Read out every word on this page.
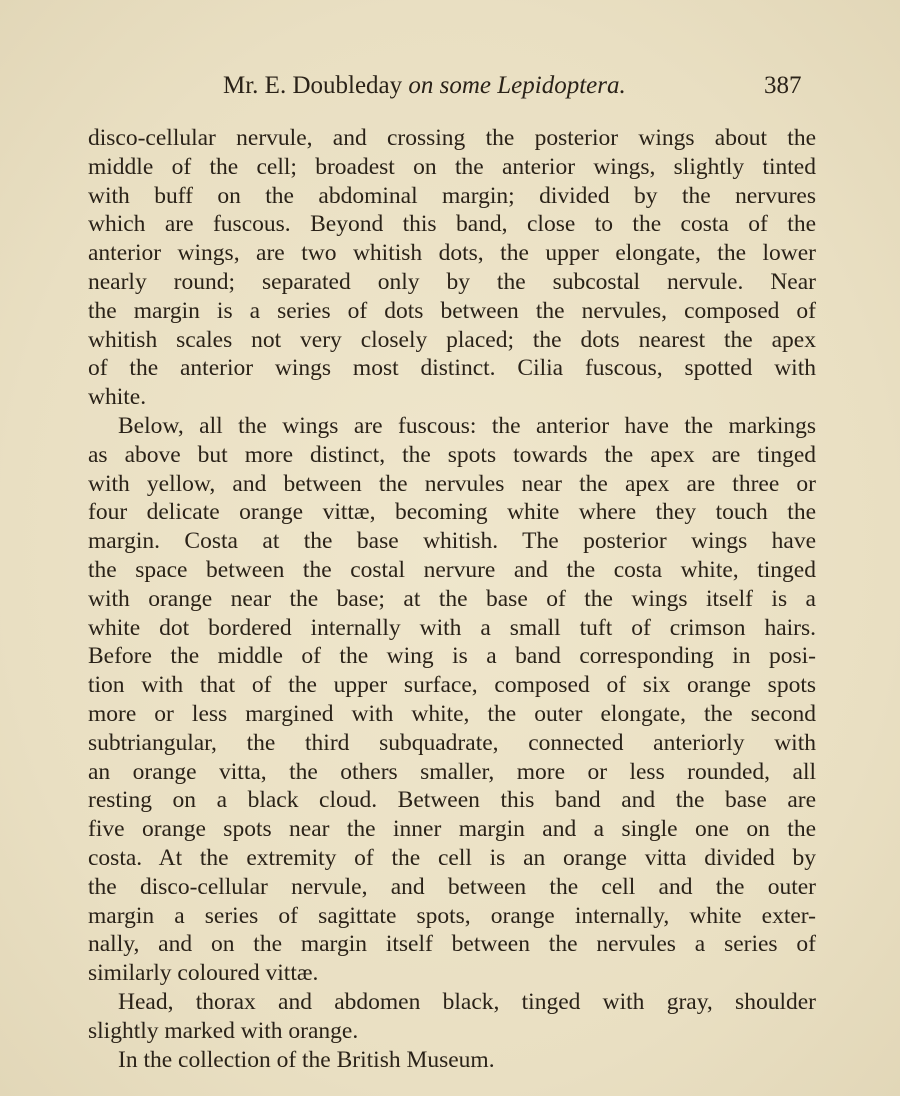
Mr. E. Doubleday on some Lepidoptera.	387
disco-cellular nervule, and crossing the posterior wings about the
middle of the cell; broadest on the anterior wings, slightly tinted
with buff on the abdominal margin; divided by the nervures
which are fuscous. Beyond this band, close to the costa of the
anterior wings, are two whitish dots, the upper elongate, the lower
nearly round; separated only by the subcostal nervule. Near
the margin is a series of dots between the nervules, composed of
whitish scales not very closely placed; the dots nearest the apex
of the anterior wings most distinct. Cilia fuscous, spotted with
white.
Below, all the wings are fuscous: the anterior have the markings
as above but more distinct, the spots towards the apex are tinged
with yellow, and between the nervules near the apex are three or
four delicate orange vittæ, becoming white where they touch the
margin. Costa at the base whitish. The posterior wings have
the space between the costal nervure and the costa white, tinged
with orange near the base; at the base of the wings itself is a
white dot bordered internally with a small tuft of crimson hairs.
Before the middle of the wing is a band corresponding in posi-
tion with that of the upper surface, composed of six orange spots
more or less margined with white, the outer elongate, the second
subtriangular, the third subquadrate, connected anteriorly with
an orange vitta, the others smaller, more or less rounded, all
resting on a black cloud. Between this band and the base are
five orange spots near the inner margin and a single one on the
costa. At the extremity of the cell is an orange vitta divided by
the disco-cellular nervule, and between the cell and the outer
margin a series of sagittate spots, orange internally, white exter-
nally, and on the margin itself between the nervules a series of
similarly coloured vittæ.
Head, thorax and abdomen black, tinged with gray, shoulder
slightly marked with orange.
In the collection of the British Museum.
